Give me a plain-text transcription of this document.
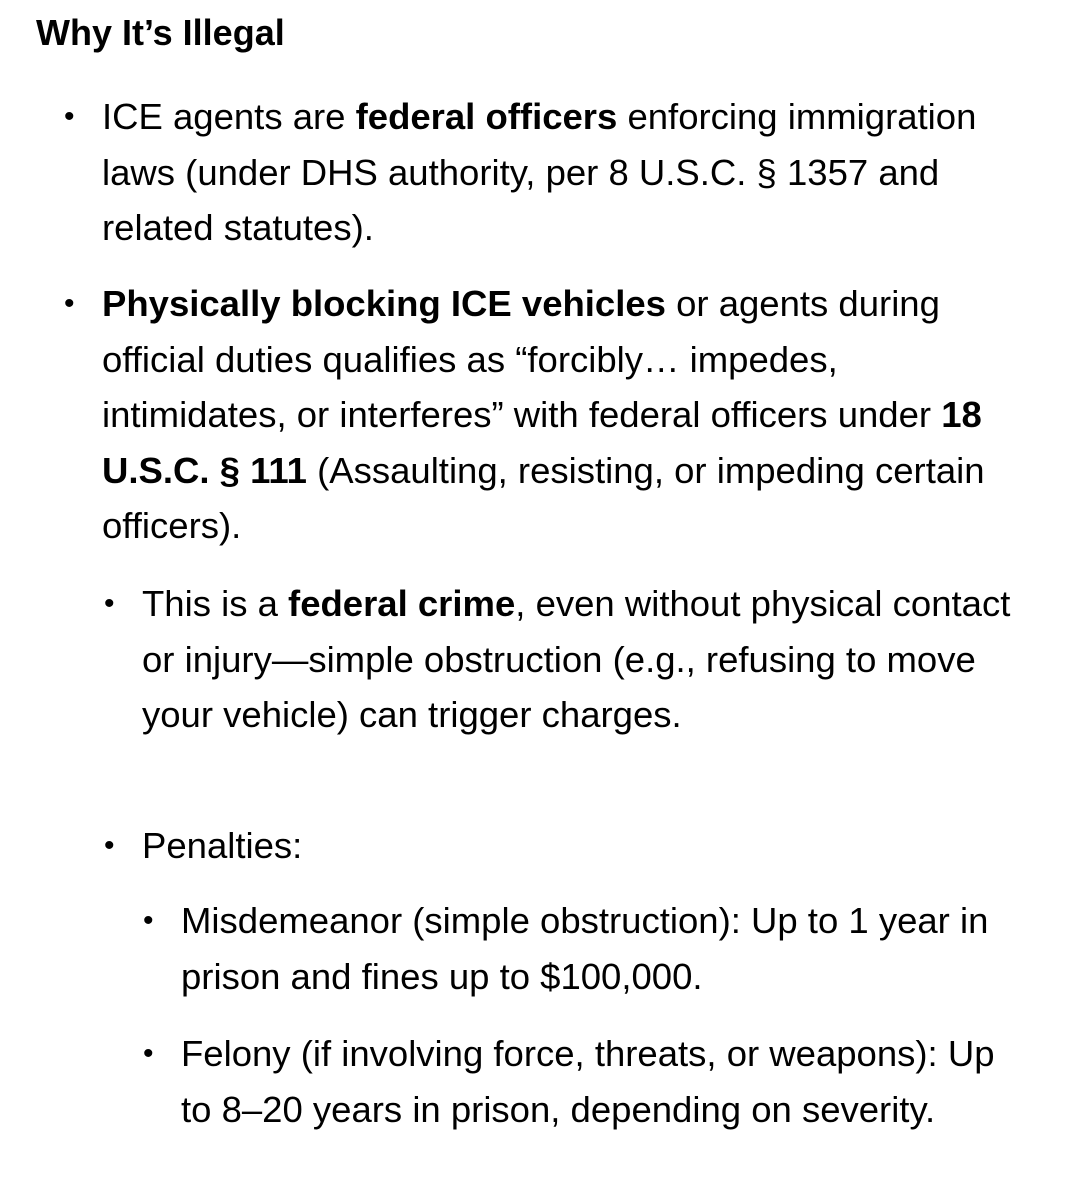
Why It’s Illegal
• ICE agents are federal officers enforcing immigration laws (under DHS authority, per 8 U.S.C. § 1357 and related statutes).

• Physically blocking ICE vehicles or agents during official duties qualifies as “forcibly… impedes, intimidates, or interferes” with federal officers under 18 U.S.C. § 111 (Assaulting, resisting, or impeding certain officers).

• This is a federal crime, even without physical contact or injury—simple obstruction (e.g., refusing to move your vehicle) can trigger charges.

• Penalties:

• Misdemeanor (simple obstruction): Up to 1 year in prison and fines up to $100,000.

• Felony (if involving force, threats, or weapons): Up to 8–20 years in prison, depending on severity.
